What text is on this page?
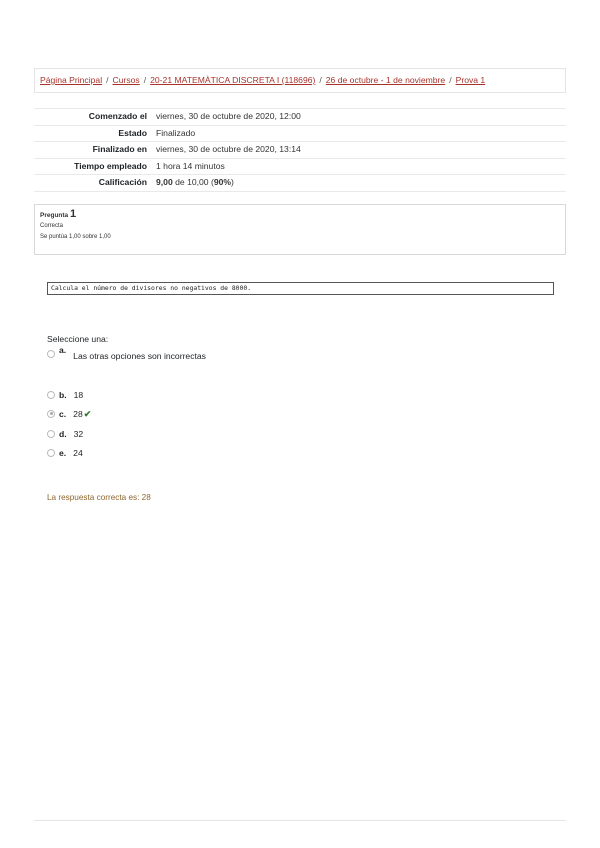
Página Principal / Cursos / 20-21 MATEMÀTICA DISCRETA I (118696) / 26 de octubre - 1 de noviembre / Prova 1
Comenzado el	viernes, 30 de octubre de 2020, 12:00
Estado	Finalizado
Finalizado en	viernes, 30 de octubre de 2020, 13:14
Tiempo empleado	1 hora 14 minutos
Calificación	9,00 de 10,00 (90%)
Pregunta 1
Correcta
Se puntúa 1,00 sobre 1,00
Calcula el número de divisores no negativos de 8000.
Seleccione una:
a.Las otras opciones son incorrectas
b. 18
c. 28✔
d. 32
e. 24
La respuesta correcta es: 28
